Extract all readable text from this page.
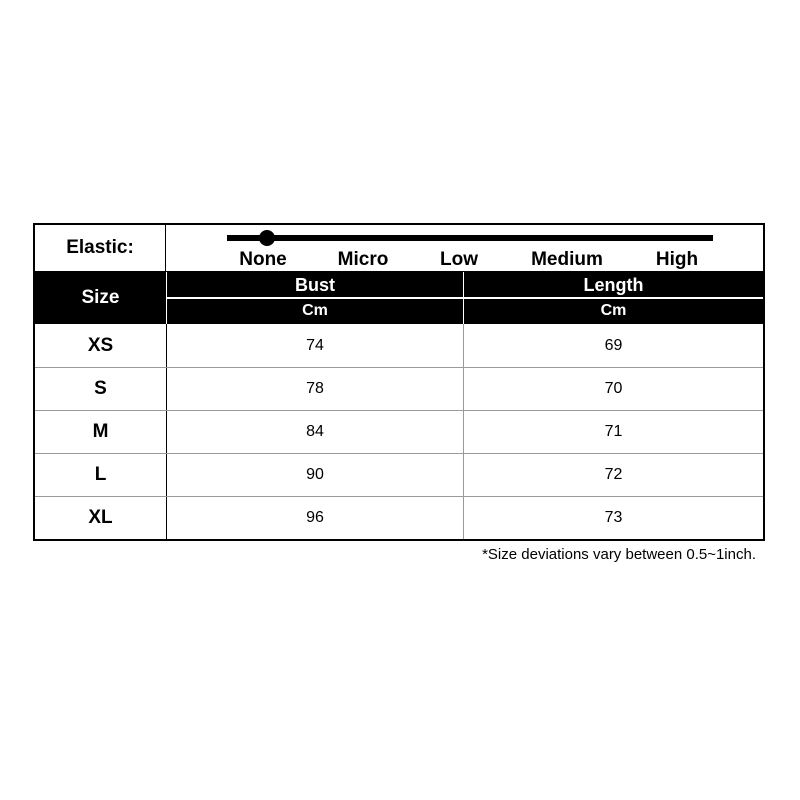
Elastic:
None	Micro	Low	Medium	High
Size
Bust	Length
Cm	Cm
XS	74	69
S	78	70
M	84	71
L	90	72
XL	96	73
*Size deviations vary between 0.5~1inch.
